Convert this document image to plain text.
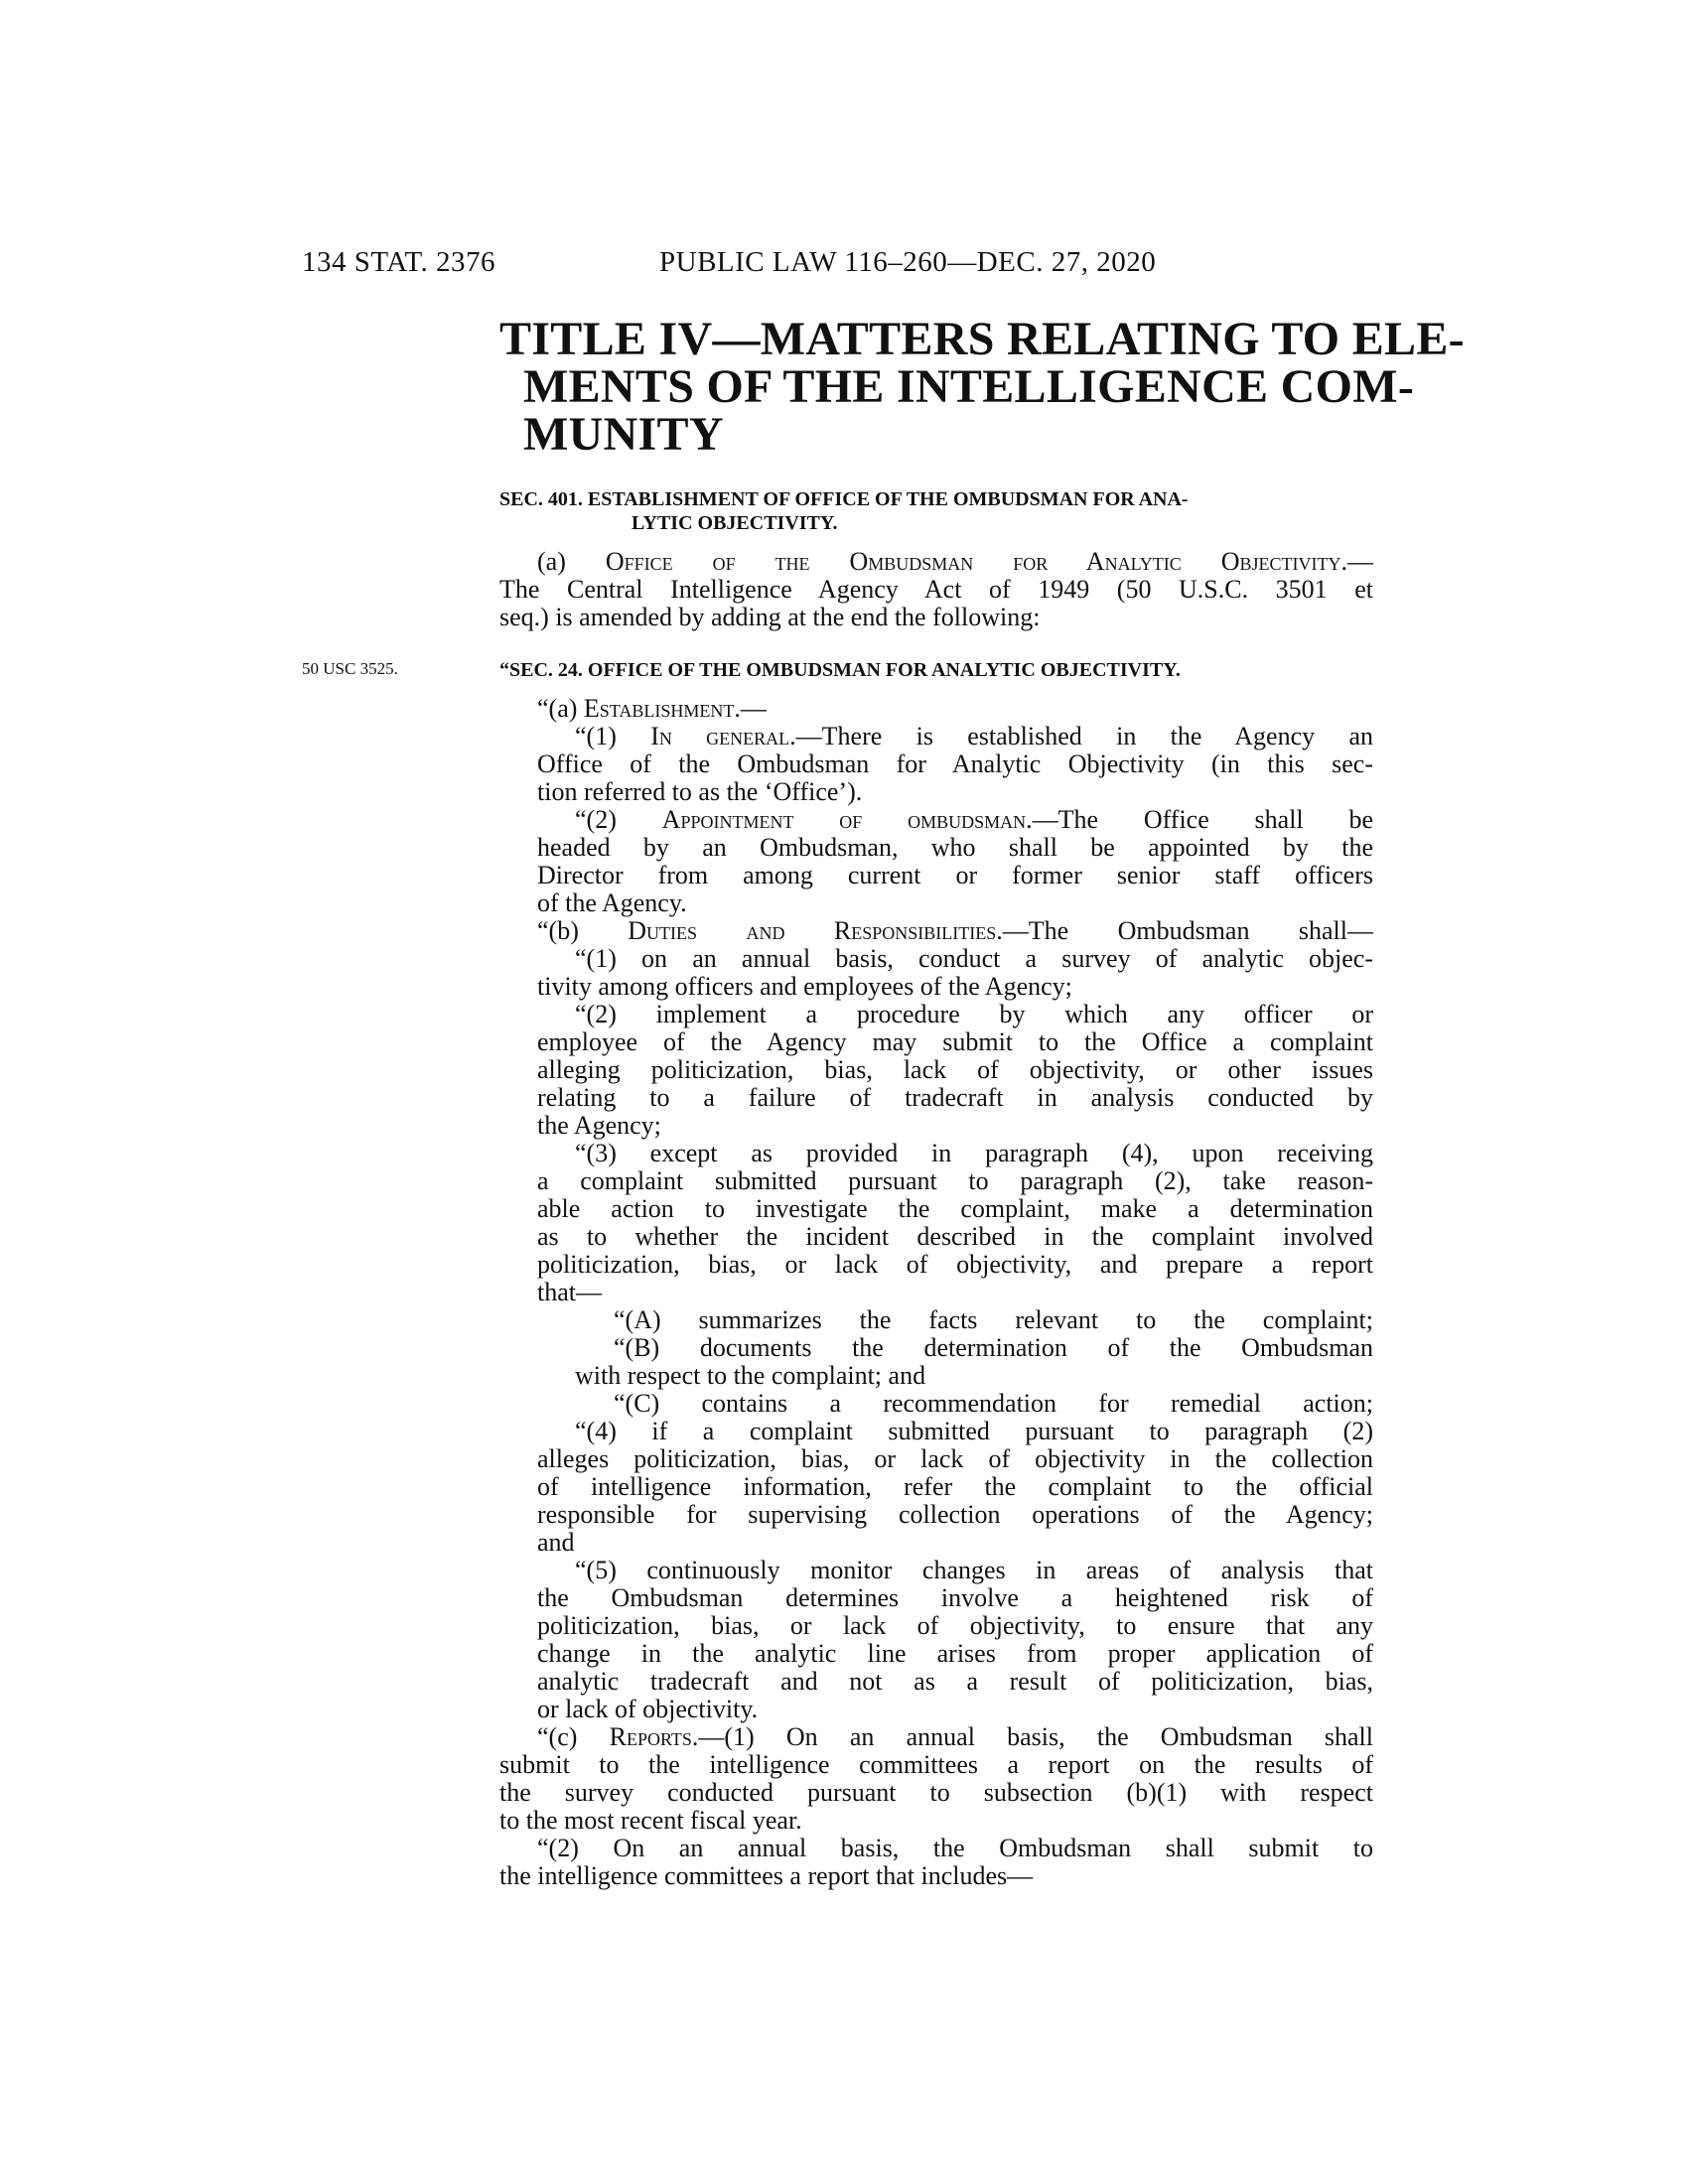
134 STAT. 2376	PUBLIC LAW 116–260—DEC. 27, 2020
TITLE IV—MATTERS RELATING TO ELE-
MENTS OF THE INTELLIGENCE COM-
MUNITY
SEC. 401. ESTABLISHMENT OF OFFICE OF THE OMBUDSMAN FOR ANA-
LYTIC OBJECTIVITY.
(a) Office of the Ombudsman for Analytic Objectivity.—
The Central Intelligence Agency Act of 1949 (50 U.S.C. 3501 et
seq.) is amended by adding at the end the following:
50 USC 3525.	“SEC. 24. OFFICE OF THE OMBUDSMAN FOR ANALYTIC OBJECTIVITY.
“(a) Establishment.—
“(1) In general.—There is established in the Agency an
Office of the Ombudsman for Analytic Objectivity (in this sec-
tion referred to as the ‘Office’).
“(2) Appointment of ombudsman.—The Office shall be
headed by an Ombudsman, who shall be appointed by the
Director from among current or former senior staff officers
of the Agency.
“(b) Duties and Responsibilities.—The Ombudsman shall—
“(1) on an annual basis, conduct a survey of analytic objec-
tivity among officers and employees of the Agency;
“(2) implement a procedure by which any officer or
employee of the Agency may submit to the Office a complaint
alleging politicization, bias, lack of objectivity, or other issues
relating to a failure of tradecraft in analysis conducted by
the Agency;
“(3) except as provided in paragraph (4), upon receiving
a complaint submitted pursuant to paragraph (2), take reason-
able action to investigate the complaint, make a determination
as to whether the incident described in the complaint involved
politicization, bias, or lack of objectivity, and prepare a report
that—
“(A) summarizes the facts relevant to the complaint;
“(B) documents the determination of the Ombudsman
with respect to the complaint; and
“(C) contains a recommendation for remedial action;
“(4) if a complaint submitted pursuant to paragraph (2)
alleges politicization, bias, or lack of objectivity in the collection
of intelligence information, refer the complaint to the official
responsible for supervising collection operations of the Agency;
and
“(5) continuously monitor changes in areas of analysis that
the Ombudsman determines involve a heightened risk of
politicization, bias, or lack of objectivity, to ensure that any
change in the analytic line arises from proper application of
analytic tradecraft and not as a result of politicization, bias,
or lack of objectivity.
“(c) Reports.—(1) On an annual basis, the Ombudsman shall
submit to the intelligence committees a report on the results of
the survey conducted pursuant to subsection (b)(1) with respect
to the most recent fiscal year.
“(2) On an annual basis, the Ombudsman shall submit to
the intelligence committees a report that includes—
